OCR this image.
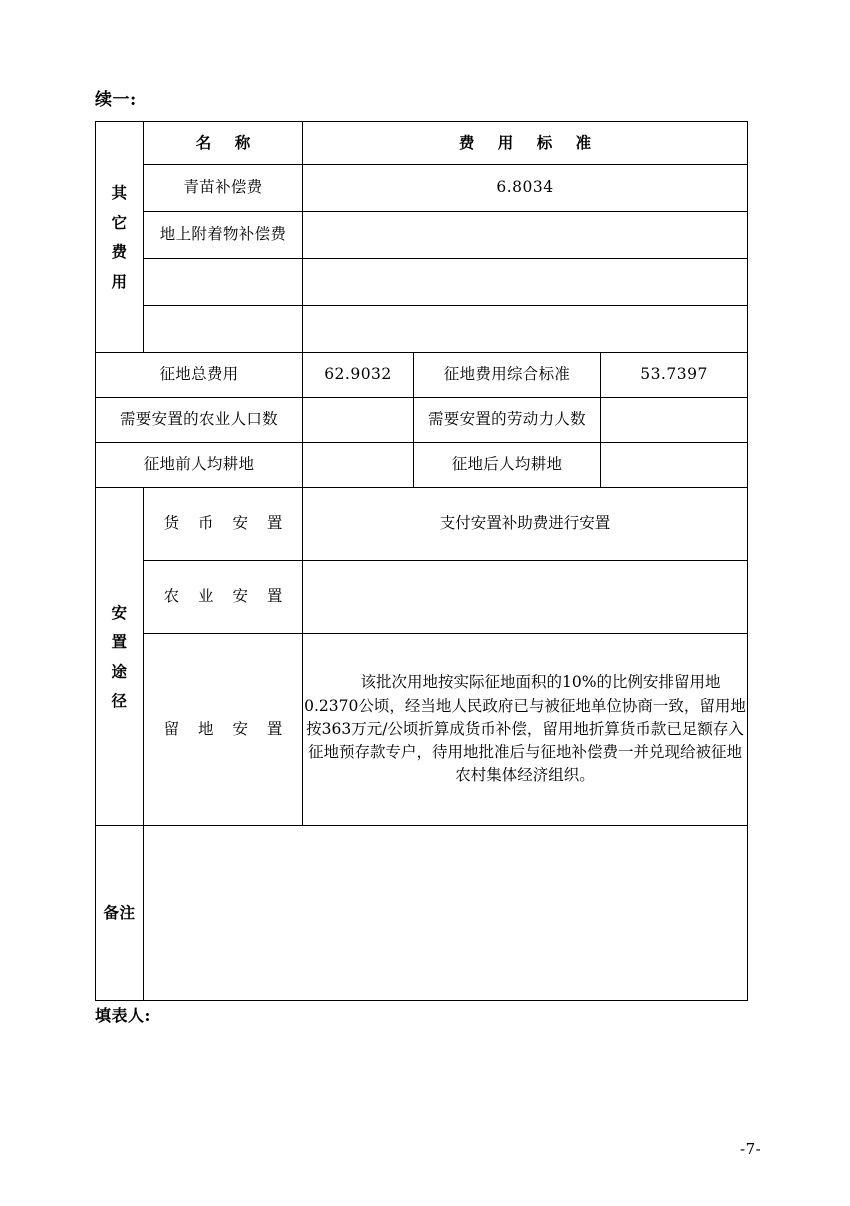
续一:
其
它
费
用	名 称	费 用 标 准		
	青苗补偿费	6.8034		
	地上附着物补偿费			

征地总费用		62.9032	征地费用综合标准	53.7397
需要安置的农业人口数			需要安置的劳动力人数	
征地前人均耕地			征地后人均耕地	

安
置
途
径	货 币 安 置	支付安置补助费进行安置		
	农 业 安 置			
	留 地 安 置	该批次用地按实际征地面积的10%的比例安排留用地0.2370公顷，经当地人民政府已与被征地单位协商一致，留用地按363万元/公顷折算成货币补偿，留用地折算货币款已足额存入征地预存款专户，待用地批准后与征地补偿费一并兑现给被征地农村集体经济组织。		

备注				

填表人:
-7-
